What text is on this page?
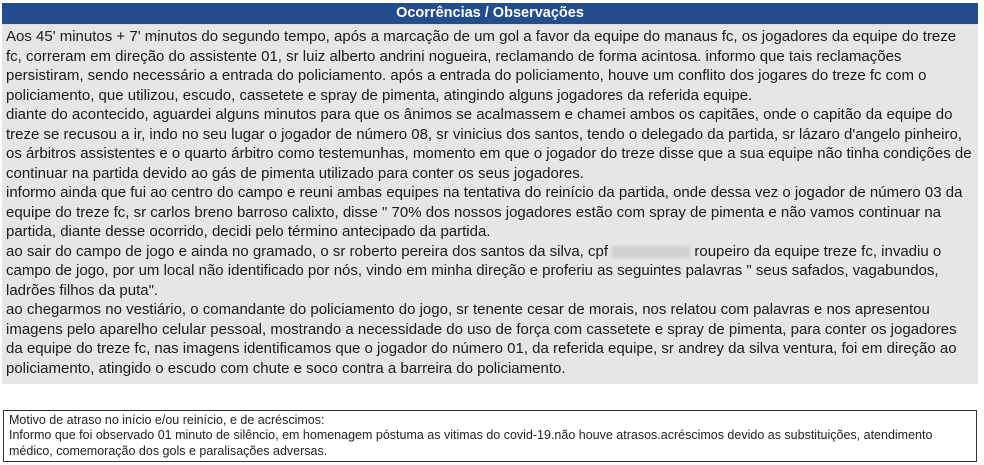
Ocorrências / Observações

Aos 45' minutos + 7' minutos do segundo tempo, após a marcação de um gol a favor da equipe do manaus fc, os jogadores da equipe do treze fc, correram em direção do assistente 01, sr luiz alberto andrini nogueira, reclamando de forma acintosa. informo que tais reclamações persistiram, sendo necessário a entrada do policiamento. após a entrada do policiamento, houve um conflito dos jogares do treze fc com o policiamento, que utilizou, escudo, cassetete e spray de pimenta, atingindo alguns jogadores da referida equipe.

diante do acontecido, aguardei alguns minutos para que os ânimos se acalmassem e chamei ambos os capitães, onde o capitão da equipe do treze se recusou a ir, indo no seu lugar o jogador de número 08, sr vinicius dos santos, tendo o delegado da partida, sr lázaro d'angelo pinheiro, os árbitros assistentes e o quarto árbitro como testemunhas, momento em que o jogador do treze disse que a sua equipe não tinha condições de continuar na partida devido ao gás de pimenta utilizado para conter os seus jogadores.

informo ainda que fui ao centro do campo e reuni ambas equipes na tentativa do reinício da partida, onde dessa vez o jogador de número 03 da equipe do treze fc, sr carlos breno barroso calixto, disse " 70% dos nossos jogadores estão com spray de pimenta e não vamos continuar na partida, diante desse ocorrido, decidi pelo término antecipado da partida.

ao sair do campo de jogo e ainda no gramado, o sr roberto pereira dos santos da silva, cpf	roupeiro da equipe treze fc, invadiu o campo de jogo, por um local não identificado por nós, vindo em minha direção e proferiu as seguintes palavras " seus safados, vagabundos, ladrões filhos da puta".

ao chegarmos no vestiário, o comandante do policiamento do jogo, sr tenente cesar de morais, nos relatou com palavras e nos apresentou imagens pelo aparelho celular pessoal, mostrando a necessidade do uso de força com cassetete e spray de pimenta, para conter os jogadores da equipe do treze fc, nas imagens identificamos que o jogador do número 01, da referida equipe, sr andrey da silva ventura, foi em direção ao policiamento, atingido o escudo com chute e soco contra a barreira do policiamento.

Motivo de atraso no início e/ou reinício, e de acréscimos:

Informo que foi observado 01 minuto de silêncio, em homenagem póstuma as vitimas do covid-19.não houve atrasos.acréscimos devido as substituições, atendimento médico, comemoração dos gols e paralisações adversas.
